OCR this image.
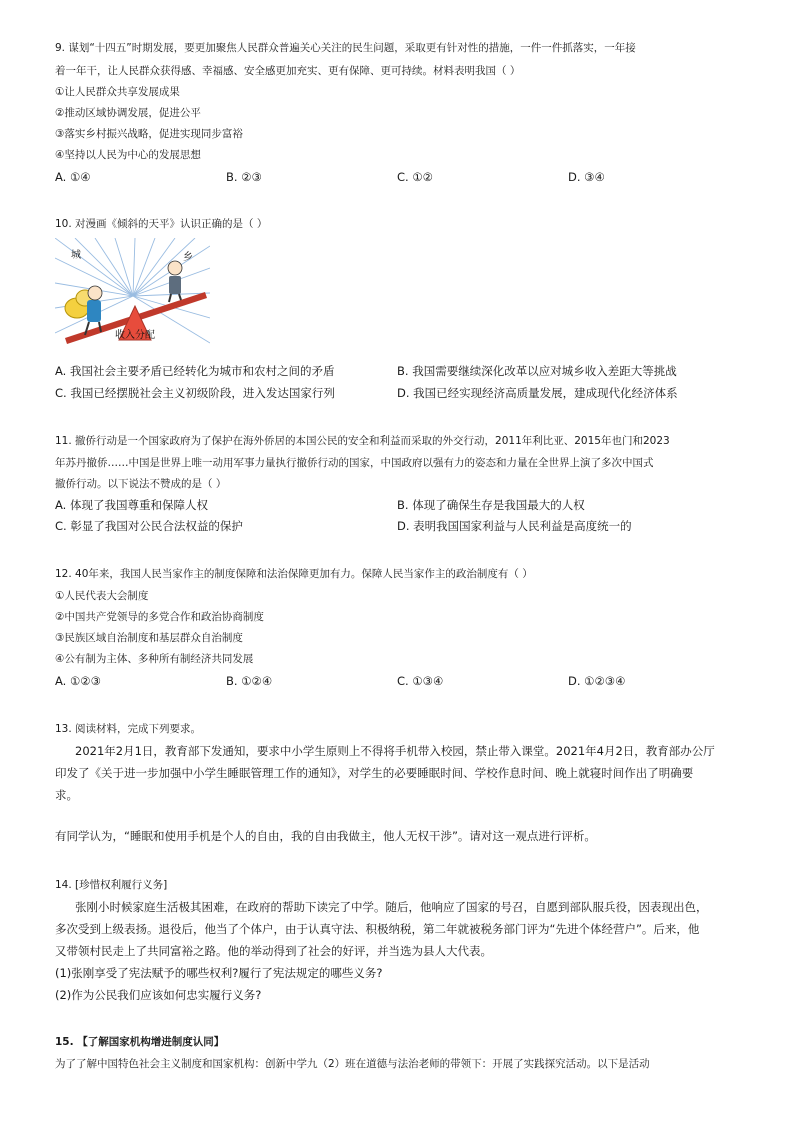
9. 谋划“十四五”时期发展，要更加聚焦人民群众普遍关心关注的民生问题，采取更有针对性的措施，一件一件抓落实，一年接
着一年干，让人民群众获得感、幸福感、安全感更加充实、更有保障、更可持续。材料表明我国（ ）
①让人民群众共享发展成果
②推动区域协调发展，促进公平
③落实乡村振兴战略，促进实现同步富裕
④坚持以人民为中心的发展思想
A. ①④	B. ②③	C. ①②	D. ③④
10. 对漫画《倾斜的天平》认识正确的是（ ）
城	乡
收入分配
A. 我国社会主要矛盾已经转化为城市和农村之间的矛盾	B. 我国需要继续深化改革以应对城乡收入差距大等挑战
C. 我国已经摆脱社会主义初级阶段，进入发达国家行列	D. 我国已经实现经济高质量发展，建成现代化经济体系
11. 撤侨行动是一个国家政府为了保护在海外侨居的本国公民的安全和利益而采取的外交行动，2011年利比亚、2015年也门和2023
年苏丹撤侨……中国是世界上唯一动用军事力量执行撤侨行动的国家，中国政府以强有力的姿态和力量在全世界上演了多次中国式
撤侨行动。以下说法不赞成的是（ ）
A. 体现了我国尊重和保障人权	B. 体现了确保生存是我国最大的人权
C. 彰显了我国对公民合法权益的保护	D. 表明我国国家利益与人民利益是高度统一的
12. 40年来，我国人民当家作主的制度保障和法治保障更加有力。保障人民当家作主的政治制度有（ ）
①人民代表大会制度
②中国共产党领导的多党合作和政治协商制度
③民族区域自治制度和基层群众自治制度
④公有制为主体、多种所有制经济共同发展
A. ①②③	B. ①②④	C. ①③④	D. ①②③④
13. 阅读材料，完成下列要求。
2021年2月1日，教育部下发通知，要求中小学生原则上不得将手机带入校园，禁止带入课堂。2021年4月2日，教育部办公厅
印发了《关于进一步加强中小学生睡眠管理工作的通知》，对学生的必要睡眠时间、学校作息时间、晚上就寝时间作出了明确要
求。
有同学认为，“睡眠和使用手机是个人的自由，我的自由我做主，他人无权干涉”。请对这一观点进行评析。
14. [珍惜权利履行义务]
张刚小时候家庭生活极其困难，在政府的帮助下读完了中学。随后，他响应了国家的号召，自愿到部队服兵役，因表现出色，
多次受到上级表扬。退役后，他当了个体户，由于认真守法、积极纳税，第二年就被税务部门评为“先进个体经营户”。后来，他
又带领村民走上了共同富裕之路。他的举动得到了社会的好评，并当选为县人大代表。
(1)张刚享受了宪法赋予的哪些权利?履行了宪法规定的哪些义务?
(2)作为公民我们应该如何忠实履行义务?
15. 【了解国家机构增进制度认同】
为了了解中国特色社会主义制度和国家机构：创新中学九（2）班在道德与法治老师的带领下：开展了实践探究活动。以下是活动
